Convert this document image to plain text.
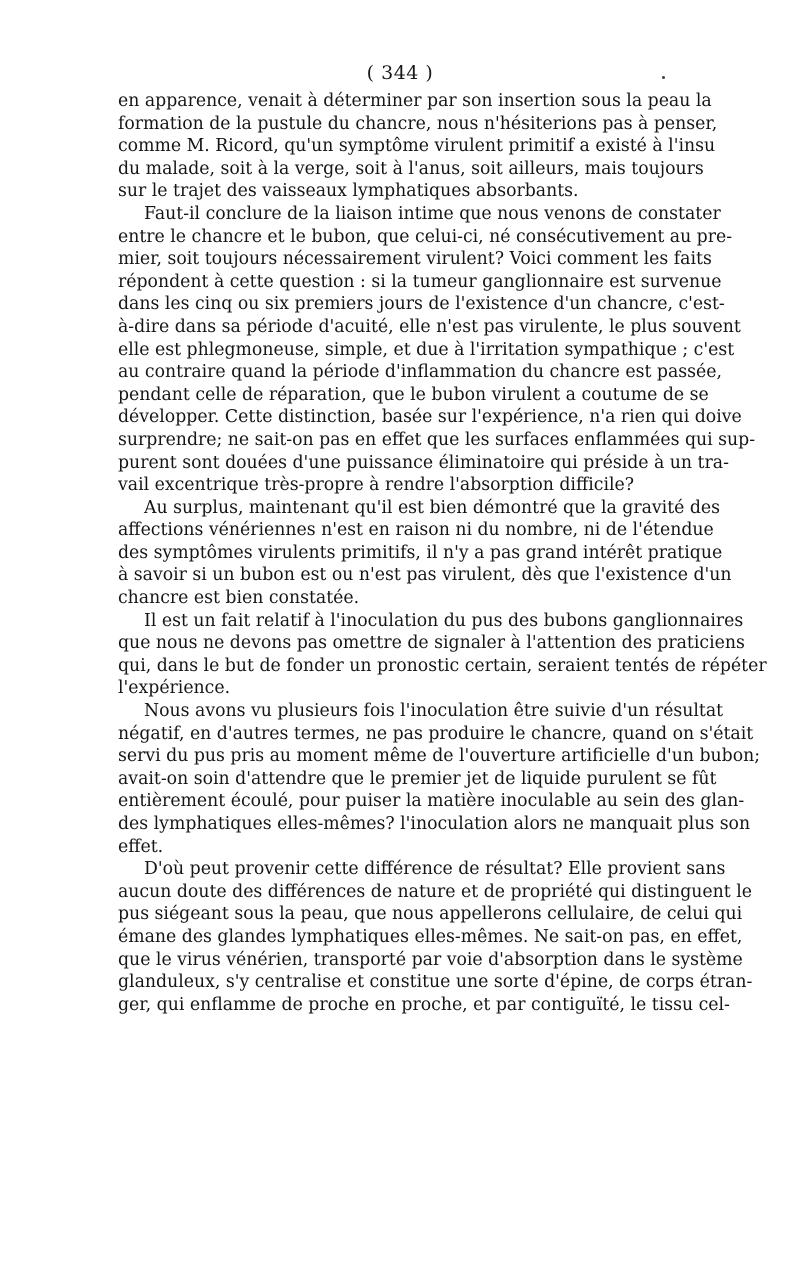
( 344 )
en apparence, venait à déterminer par son insertion sous la peau la
formation de la pustule du chancre, nous n'hésiterions pas à penser,
comme M. Ricord, qu'un symptôme virulent primitif a existé à l'insu
du malade, soit à la verge, soit à l'anus, soit ailleurs, mais toujours
sur le trajet des vaisseaux lymphatiques absorbants.
Faut-il conclure de la liaison intime que nous venons de constater
entre le chancre et le bubon, que celui-ci, né consécutivement au pre-
mier, soit toujours nécessairement virulent? Voici comment les faits
répondent à cette question : si la tumeur ganglionnaire est survenue
dans les cinq ou six premiers jours de l'existence d'un chancre, c'est-
à-dire dans sa période d'acuité, elle n'est pas virulente, le plus souvent
elle est phlegmoneuse, simple, et due à l'irritation sympathique ; c'est
au contraire quand la période d'inflammation du chancre est passée,
pendant celle de réparation, que le bubon virulent a coutume de se
développer. Cette distinction, basée sur l'expérience, n'a rien qui doive
surprendre; ne sait-on pas en effet que les surfaces enflammées qui sup-
purent sont douées d'une puissance éliminatoire qui préside à un tra-
vail excentrique très-propre à rendre l'absorption difficile?
Au surplus, maintenant qu'il est bien démontré que la gravité des
affections vénériennes n'est en raison ni du nombre, ni de l'étendue
des symptômes virulents primitifs, il n'y a pas grand intérêt pratique
à savoir si un bubon est ou n'est pas virulent, dès que l'existence d'un
chancre est bien constatée.
Il est un fait relatif à l'inoculation du pus des bubons ganglionnaires
que nous ne devons pas omettre de signaler à l'attention des praticiens
qui, dans le but de fonder un pronostic certain, seraient tentés de répéter
l'expérience.
Nous avons vu plusieurs fois l'inoculation être suivie d'un résultat
négatif, en d'autres termes, ne pas produire le chancre, quand on s'était
servi du pus pris au moment même de l'ouverture artificielle d'un bubon;
avait-on soin d'attendre que le premier jet de liquide purulent se fût
entièrement écoulé, pour puiser la matière inoculable au sein des glan-
des lymphatiques elles-mêmes? l'inoculation alors ne manquait plus son
effet.
D'où peut provenir cette différence de résultat? Elle provient sans
aucun doute des différences de nature et de propriété qui distinguent le
pus siégeant sous la peau, que nous appellerons cellulaire, de celui qui
émane des glandes lymphatiques elles-mêmes. Ne sait-on pas, en effet,
que le virus vénérien, transporté par voie d'absorption dans le système
glanduleux, s'y centralise et constitue une sorte d'épine, de corps étran-
ger, qui enflamme de proche en proche, et par contiguïté, le tissu cel-
